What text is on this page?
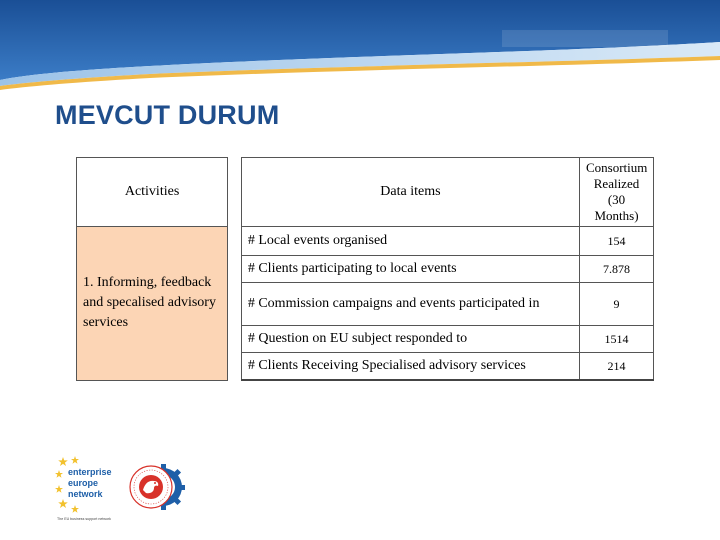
MEVCUT DURUM
Activities		Data items	Consortium Realized (30 Months)
1. Informing, feedback and specalised advisory services		# Local events organised	154
		# Clients participating to local events	7.878
		# Commission campaigns and events participated in	9
		# Question on EU subject responded to	1514
		# Clients Receiving Specialised advisory services	214
enterprise
europe
network
The EU business support network
